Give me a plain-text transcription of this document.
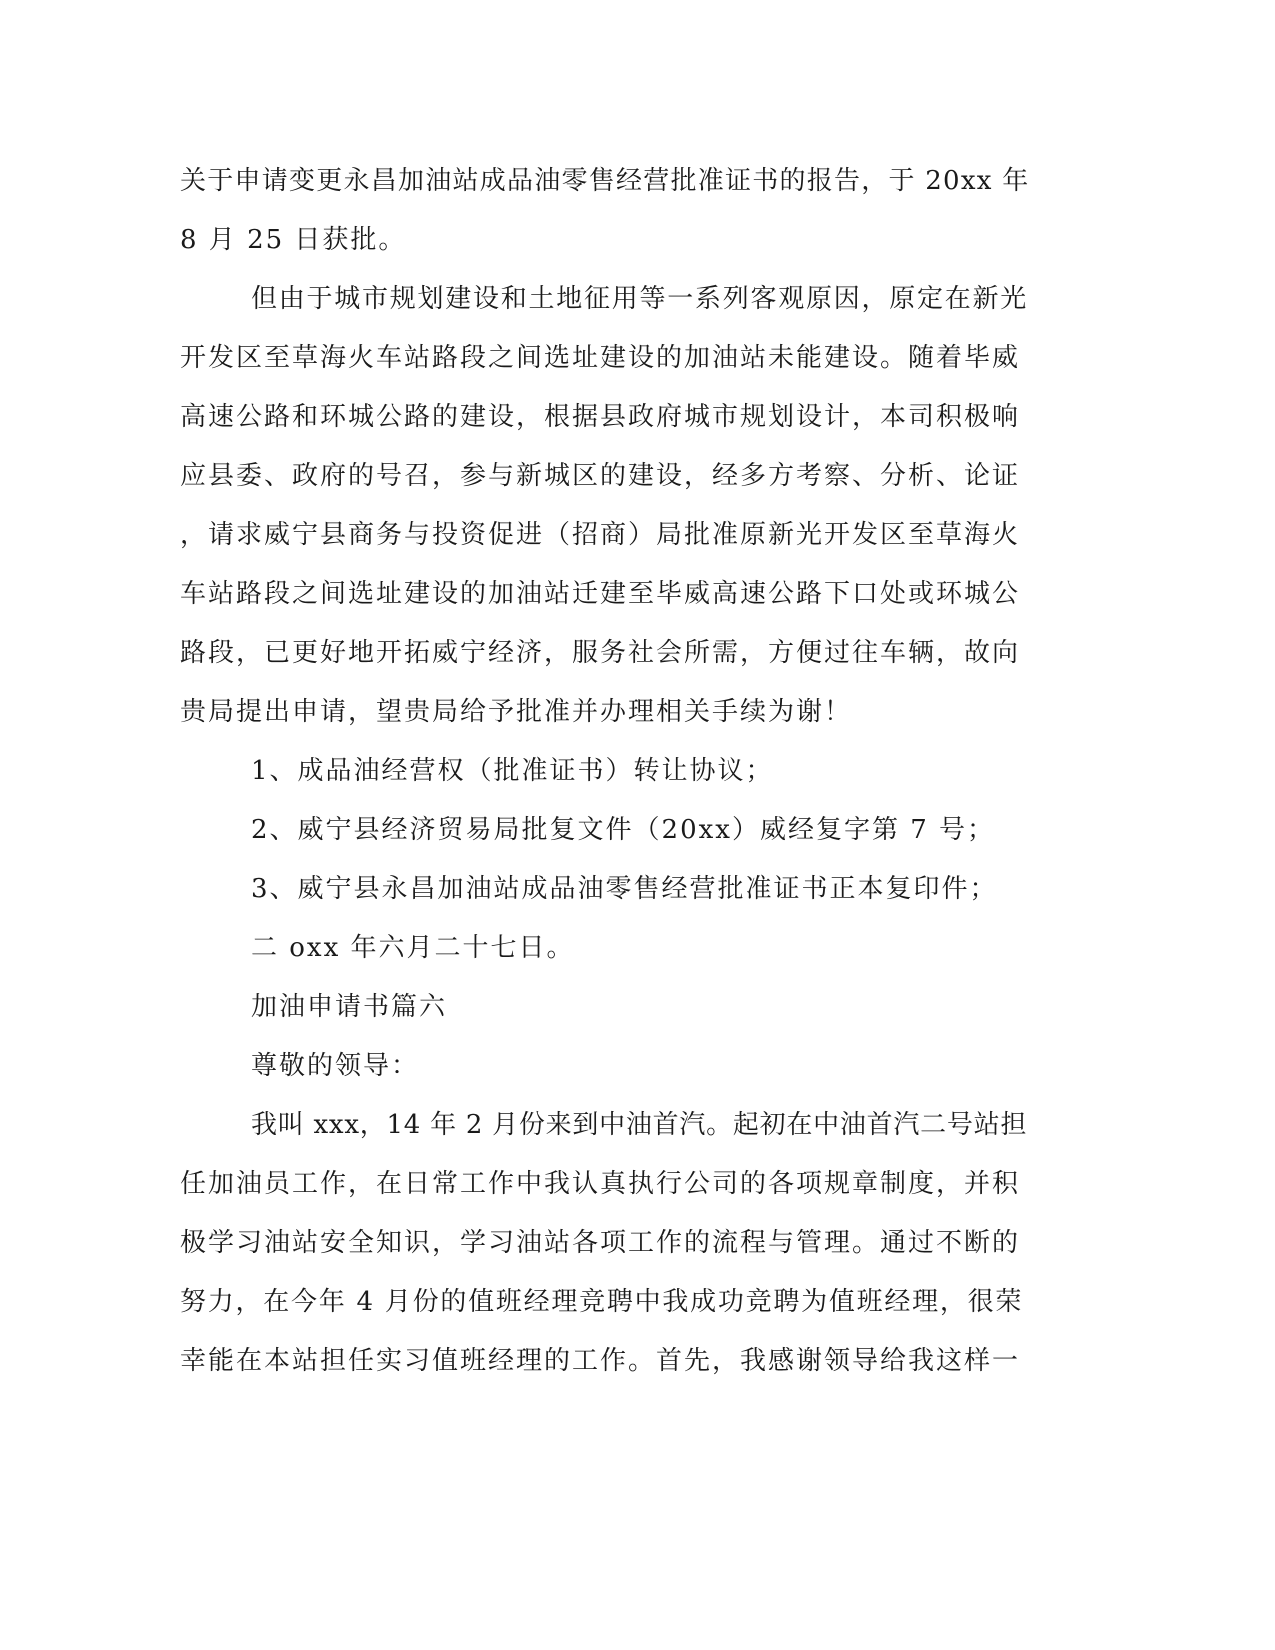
关于申请变更永昌加油站成品油零售经营批准证书的报告，于 20xx 年
8 月 25 日获批。
但由于城市规划建设和土地征用等一系列客观原因，原定在新光
开发区至草海火车站路段之间选址建设的加油站未能建设。随着毕威
高速公路和环城公路的建设，根据县政府城市规划设计，本司积极响
应县委、政府的号召，参与新城区的建设，经多方考察、分析、论证
，请求威宁县商务与投资促进（招商）局批准原新光开发区至草海火
车站路段之间选址建设的加油站迁建至毕威高速公路下口处或环城公
路段，已更好地开拓威宁经济，服务社会所需，方便过往车辆，故向
贵局提出申请，望贵局给予批准并办理相关手续为谢！
1、成品油经营权（批准证书）转让协议；
2、威宁县经济贸易局批复文件（20xx）威经复字第 7 号；
3、威宁县永昌加油站成品油零售经营批准证书正本复印件；
二 oxx 年六月二十七日。
加油申请书篇六
尊敬的领导：
我叫 xxx，14 年 2 月份来到中油首汽。起初在中油首汽二号站担
任加油员工作，在日常工作中我认真执行公司的各项规章制度，并积
极学习油站安全知识，学习油站各项工作的流程与管理。通过不断的
努力，在今年 4 月份的值班经理竞聘中我成功竞聘为值班经理，很荣
幸能在本站担任实习值班经理的工作。首先，我感谢领导给我这样一
